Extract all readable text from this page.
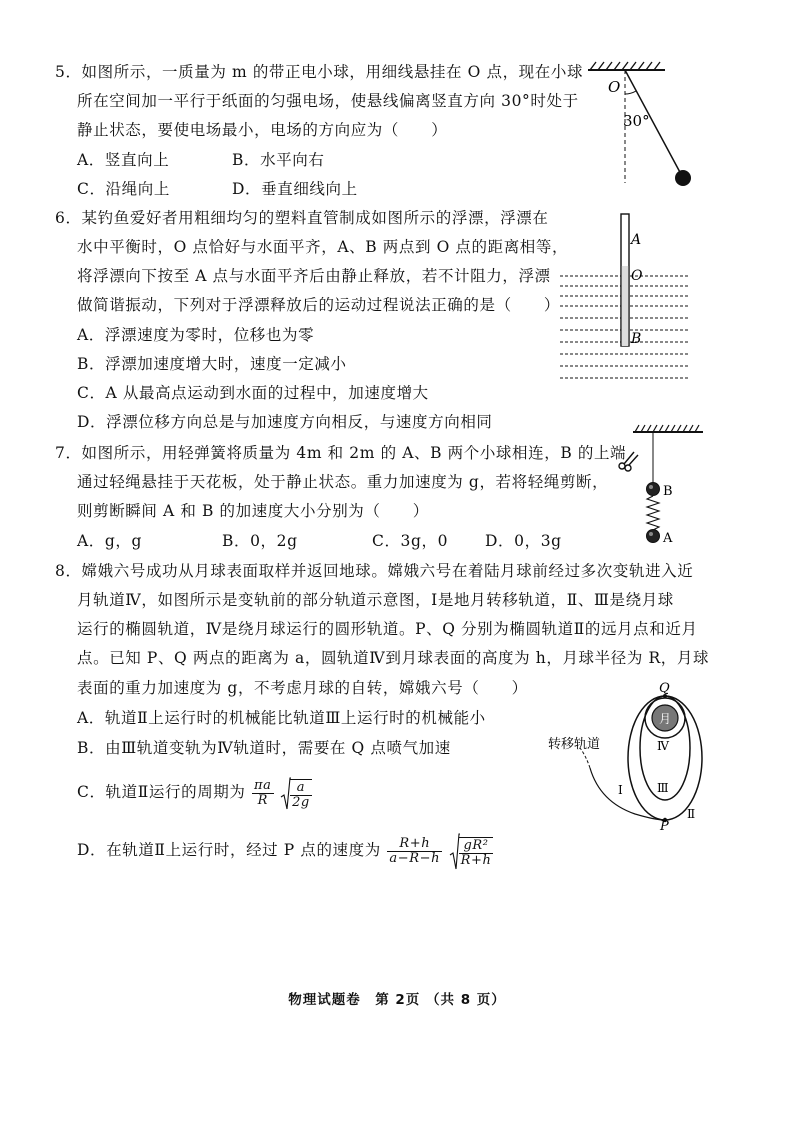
5．如图所示，一质量为 m 的带正电小球，用细线悬挂在 O 点，现在小球
所在空间加一平行于纸面的匀强电场，使悬线偏离竖直方向 30°时处于
静止状态，要使电场最小，电场的方向应为（　　）
A．竖直向上	B．水平向右
C．沿绳向上	D．垂直细线向上
O
30°
6．某钓鱼爱好者用粗细均匀的塑料直管制成如图所示的浮漂，浮漂在
水中平衡时，O 点恰好与水面平齐，A、B 两点到 O 点的距离相等，
将浮漂向下按至 A 点与水面平齐后由静止释放，若不计阻力，浮漂
做简谐振动，下列对于浮漂释放后的运动过程说法正确的是（　　）
A．浮漂速度为零时，位移也为零
B．浮漂加速度增大时，速度一定减小
C．A 从最高点运动到水面的过程中，加速度增大
D．浮漂位移方向总是与加速度方向相反，与速度方向相同
A
O
B
7．如图所示，用轻弹簧将质量为 4m 和 2m 的 A、B 两个小球相连，B 的上端
通过轻绳悬挂于天花板，处于静止状态。重力加速度为 g，若将轻绳剪断，
则剪断瞬间 A 和 B 的加速度大小分别为（　　）
A．g，g	B．0，2g	C．3g，0 D．0，3g
B
A
8．嫦娥六号成功从月球表面取样并返回地球。嫦娥六号在着陆月球前经过多次变轨进入近
月轨道Ⅳ，如图所示是变轨前的部分轨道示意图，Ⅰ是地月转移轨道，Ⅱ、Ⅲ是绕月球
运行的椭圆轨道，Ⅳ是绕月球运行的圆形轨道。P、Q 分别为椭圆轨道Ⅱ的远月点和近月
点。已知 P、Q 两点的距离为 a，圆轨道Ⅳ到月球表面的高度为 h，月球半径为 R，月球
表面的重力加速度为 g，不考虑月球的自转，嫦娥六号（　　）
A．轨道Ⅱ上运行时的机械能比轨道Ⅲ上运行时的机械能小
B．由Ⅲ轨道变轨为Ⅳ轨道时，需要在 Q 点喷气加速
C．轨道Ⅱ运行的周期为 $\frac{\pi a}{R}$
$\frac{a}{2g}$
D．在轨道Ⅱ上运行时，经过 P 点的速度为 $\frac{R+h}{a-R-h}$
$\frac{\text{gR²}}{R+h}$
月
Q
Ⅳ
Ⅲ
Ⅰ
Ⅱ
P
转移轨道
物理试题卷　第 2页 （共 8 页）
